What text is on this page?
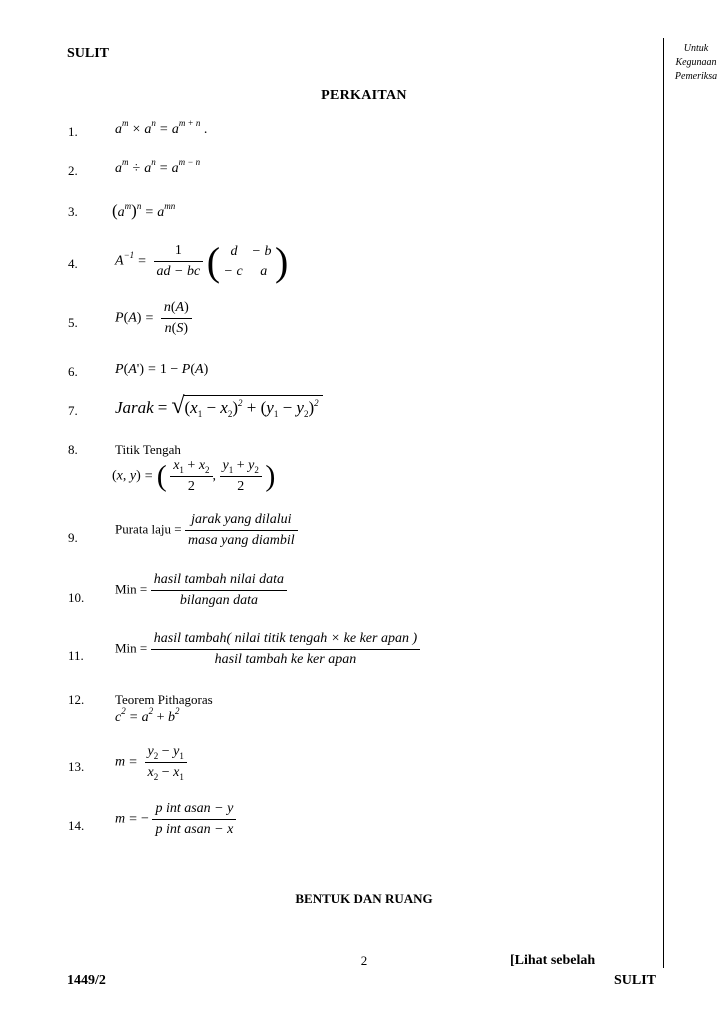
SULIT	Untuk
Kegunaan
Pemeriksa
PERKAITAN
1.	$a^m \times a^n = a^{m + n}$ .
2.	$a^m \div a^n = a^{m - n}$
3. $(a^m)^n = a^{mn}$
4.	$A^{-1} = \frac{1}{ad - bc}$ (   d    − b
− c     a )
5.	$P(A) = \frac{n(A)}{n(S)}$
6.	P(A') = 1 − P(A)
7. Jarak = $√(x_1 - x_2)^2 + (y_1 - y_2)^2$
8.	Titik Tengah
(x, y) = ( $\frac{x_1 + x_2}{2}$ , $\frac{y_1 + y_2}{2}$ )
9.
Purata laju = $\frac{\text{jarak yang dilalui}}{\text{masa yang diambil}}$
10.
Min = $\frac{\text{hasil tambah nilai data}}{\text{bilangan data}}$
11. Min = $\frac{\text{hasil tambah( nilai titik tengah × ke ker apan )}}{\text{hasil tambah ke ker apan}}$
12. Teorem Pithagoras
$c^2 = a^2 + b^2$
13. $m = \frac{y_2 - y_1}{x_2 - x_1}$
14. m = − $\frac{\text{p int asan − y}}{\text{p int asan − x}}$
BENTUK DAN RUANG
2	[Lihat sebelah
1449/2	SULIT
